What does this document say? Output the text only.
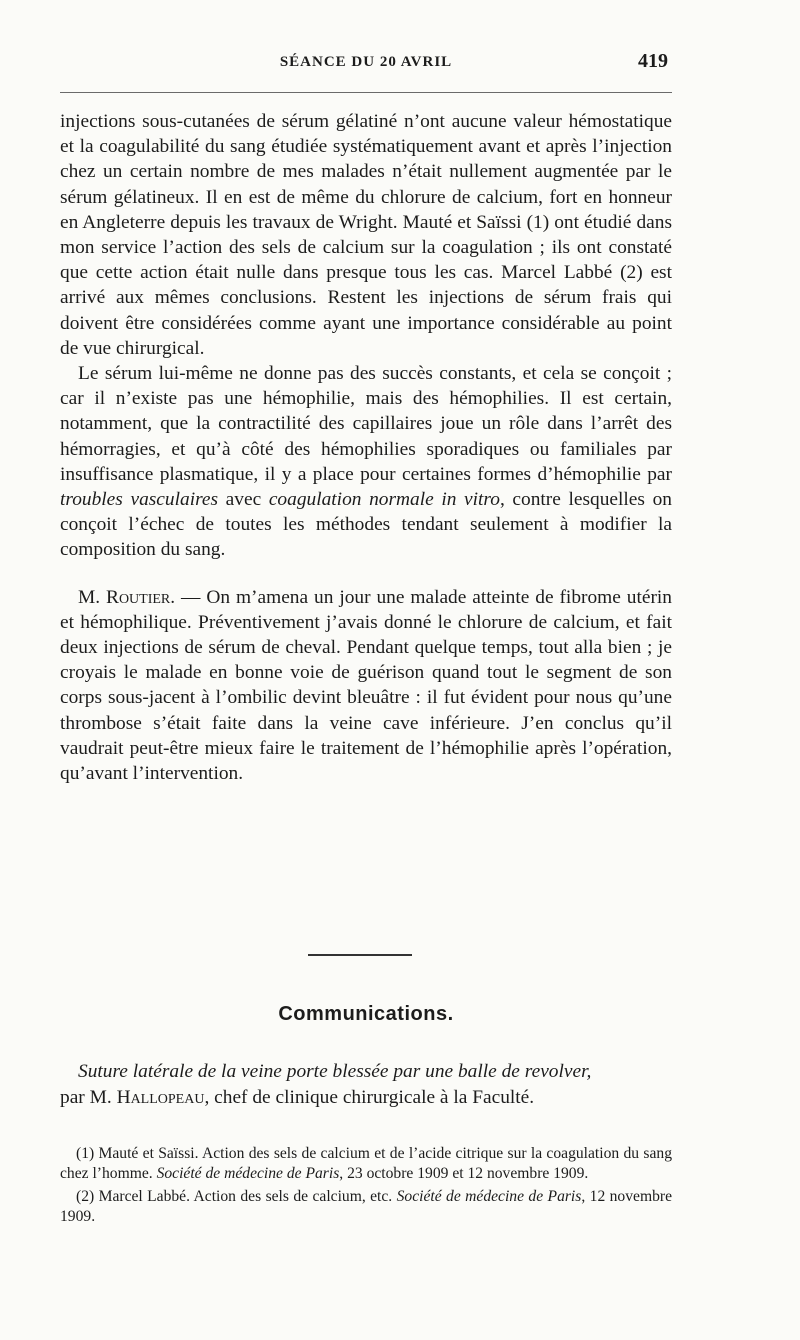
SÉANCE DU 20 AVRIL	419

injections sous-cutanées de sérum gélatiné n’ont aucune valeur hémostatique et la coagulabilité du sang étudiée systématiquement avant et après l’injection chez un certain nombre de mes malades n’était nullement augmentée par le sérum gélatineux. Il en est de même du chlorure de calcium, fort en honneur en Angleterre depuis les travaux de Wright. Mauté et Saïssi (1) ont étudié dans mon service l’action des sels de calcium sur la coagulation ; ils ont constaté que cette action était nulle dans presque tous les cas. Marcel Labbé (2) est arrivé aux mêmes conclusions. Restent les injections de sérum frais qui doivent être considérées comme ayant une importance considérable au point de vue chirurgical.

Le sérum lui-même ne donne pas des succès constants, et cela se conçoit ; car il n’existe pas une hémophilie, mais des hémophilies. Il est certain, notamment, que la contractilité des capillaires joue un rôle dans l’arrêt des hémorragies, et qu’à côté des hémophilies sporadiques ou familiales par insuffisance plasmatique, il y a place pour certaines formes d’hémophilie par troubles vasculaires avec coagulation normale in vitro, contre lesquelles on conçoit l’échec de toutes les méthodes tendant seulement à modifier la composition du sang.

M. Routier. — On m’amena un jour une malade atteinte de fibrome utérin et hémophilique. Préventivement j’avais donné le chlorure de calcium, et fait deux injections de sérum de cheval. Pendant quelque temps, tout alla bien ; je croyais le malade en bonne voie de guérison quand tout le segment de son corps sous-jacent à l’ombilic devint bleuâtre : il fut évident pour nous qu’une thrombose s’était faite dans la veine cave inférieure. J’en conclus qu’il vaudrait peut-être mieux faire le traitement de l’hémophilie après l’opération, qu’avant l’intervention.

Communications.

Suture latérale de la veine porte blessée par une balle de revolver,
par M. Hallopeau, chef de clinique chirurgicale à la Faculté.

(1) Mauté et Saïssi. Action des sels de calcium et de l’acide citrique sur la coagulation du sang chez l’homme. Société de médecine de Paris, 23 octobre 1909 et 12 novembre 1909.

(2) Marcel Labbé. Action des sels de calcium, etc. Société de médecine de Paris, 12 novembre 1909.
